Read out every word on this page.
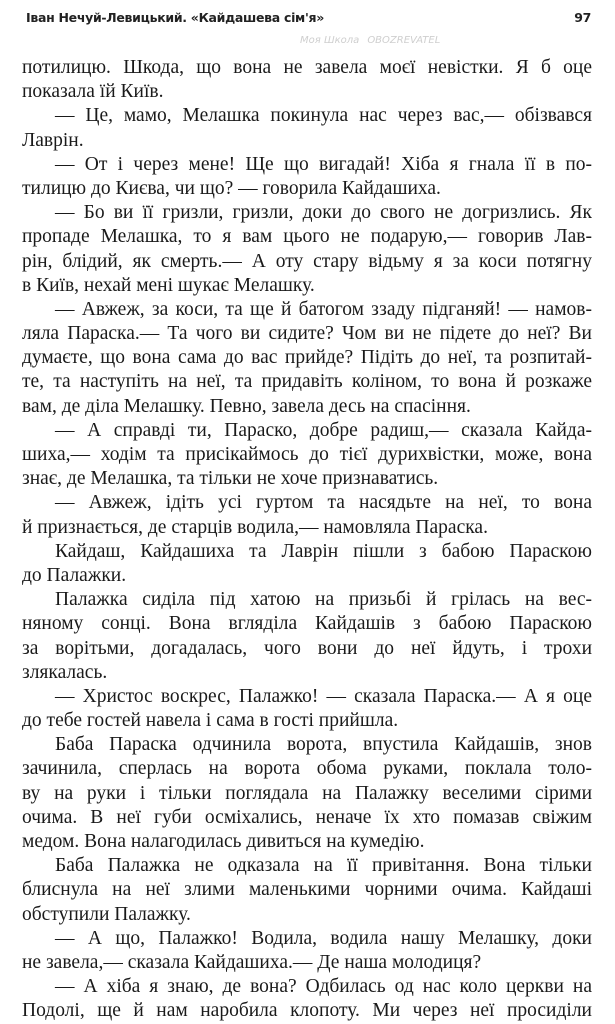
Іван Нечуй-Левицький. «Кайдашева сім'я»	97
Моя Школа OBOZREVATEL
потилицю. Шкода, що вона не завела моєї невістки. Я б оце
показала їй Київ.
— Це, мамо, Мелашка покинула нас через вас,— обізвався
Лаврін.
— От і через мене! Ще що вигадай! Хіба я гнала її в по-
тилицю до Києва, чи що? — говорила Кайдашиха.
— Бо ви її гризли, гризли, доки до свого не догризлись. Як
пропаде Мелашка, то я вам цього не подарую,— говорив Лав-
рін, блідий, як смерть.— А оту стару відьму я за коси потягну
в Київ, нехай мені шукає Мелашку.
— Авжеж, за коси, та ще й батогом ззаду підганяй! — намов-
ляла Параска.— Та чого ви сидите? Чом ви не підете до неї? Ви
думаєте, що вона сама до вас прийде? Підіть до неї, та розпитай-
те, та наступіть на неї, та придавіть коліном, то вона й розкаже
вам, де діла Мелашку. Певно, завела десь на спасіння.
— А справді ти, Параско, добре радиш,— сказала Кайда-
шиха,— ходім та присікаймось до тієї дурихвістки, може, вона
знає, де Мелашка, та тільки не хоче признаватись.
— Авжеж, ідіть усі гуртом та насядьте на неї, то вона
й признається, де старців водила,— намовляла Параска.
Кайдаш, Кайдашиха та Лаврін пішли з бабою Параскою
до Палажки.
Палажка сиділа під хатою на призьбі й грілась на вес-
няному сонці. Вона вгляділа Кайдашів з бабою Параскою
за ворітьми, догадалась, чого вони до неї йдуть, і трохи
злякалась.
— Христос воскрес, Палажко! — сказала Параска.— А я оце
до тебе гостей навела і сама в гості прийшла.
Баба Параска одчинила ворота, впустила Кайдашів, знов
зачинила, сперлась на ворота обома руками, поклала толо-
ву на руки і тільки поглядала на Палажку веселими сірими
очима. В неї губи осміхались, неначе їх хто помазав свіжим
медом. Вона налагодилась дивиться на кумедію.
Баба Палажка не одказала на її привітання. Вона тільки
блиснула на неї злими маленькими чорними очима. Кайдаші
обступили Палажку.
— А що, Палажко! Водила, водила нашу Мелашку, доки
не завела,— сказала Кайдашиха.— Де наша молодиця?
— А хіба я знаю, де вона? Одбилась од нас коло церкви на
Подолі, ще й нам наробила клопоту. Ми через неї просиділи
